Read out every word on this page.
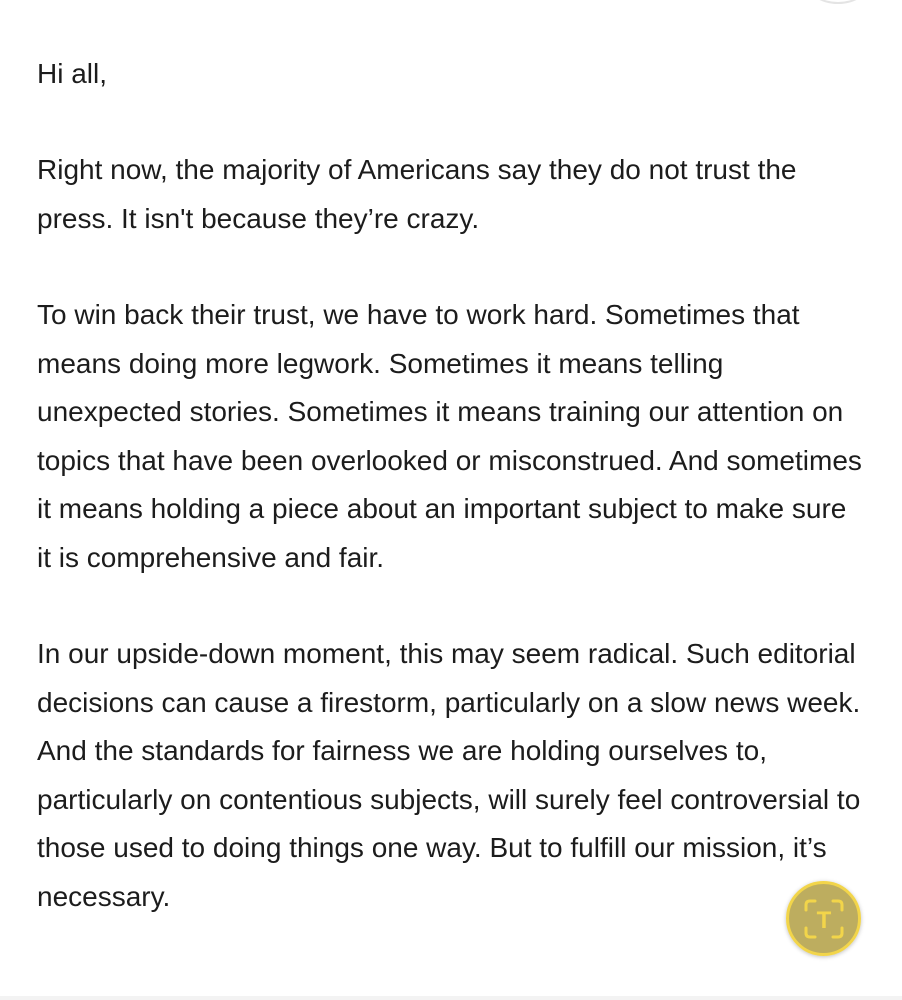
Hi all,

Right now, the majority of Americans say they do not trust the press. It isn't because they’re crazy.

To win back their trust, we have to work hard. Sometimes that means doing more legwork. Sometimes it means telling unexpected stories. Sometimes it means training our attention on topics that have been overlooked or misconstrued. And sometimes it means holding a piece about an important subject to make sure it is comprehensive and fair.

In our upside-down moment, this may seem radical. Such editorial decisions can cause a firestorm, particularly on a slow news week. And the standards for fairness we are holding ourselves to, particularly on contentious subjects, will surely feel controversial to those used to doing things one way. But to fulfill our mission, it’s necessary.

T
